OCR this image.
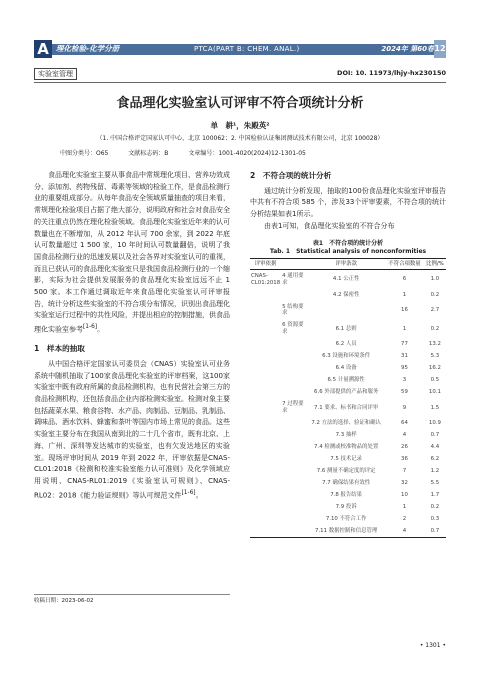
A 理化检验-化学分册	PTCA(PART B: CHEM. ANAL.)	2024年 第60卷 12
实验室管理	DOI: 10. 11973/lhjy-hx230150
食品理化实验室认可评审不符合项统计分析
单　耕¹，朱殿英²
（1. 中国合格评定国家认可中心，北京 100062；2. 中国检验认证集团测试技术有限公司，北京 100028）
中图分类号：O65	文献标志码：B	文章编号：1001-4020(2024)12-1301-05

食品理化实验室主要从事食品中常规理化项目、营养功效成分、添加剂、药物残留、毒素等领域的检验工作，是食品检测行业的重要组成部分。从每年食品安全领域质量抽查的项目来看，常规理化检验项目占据了绝大部分，说明政府和社会对食品安全的关注重点仍然在理化检验领域。食品理化实验室近年来的认可数量也在不断增加，从 2012 年认可 700 余家，到 2022 年底认可数量超过 1 500 家，10 年时间认可数量翻倍，说明了我国食品检测行业的迅速发展以及社会各界对实验室认可的重视，而且已获认可的食品理化实验室只是我国食品检测行业的一个缩影，实际为社会提供发展服务的食品理化实验室远远不止 1 500 家。本工作通过调取近年来食品理化实验室认可评审报告，统计分析这些实验室的不符合项分布情况，识别出食品理化实验室运行过程中的共性风险，并提出相应的控制措施，供食品理化实验室参考[1-6]。

1　样本的抽取

从中国合格评定国家认可委员会（CNAS）实验室认可业务系统中随机抽取了100家食品理化实验室的评审档案，这100家实验室中既有政府所属的食品检测机构，也有民营社会第三方的食品检测机构，还包括食品企业内部检测实验室。检测对象主要包括蔬菜水果、粮食谷物、水产品、肉制品、豆制品、乳制品、调味品、酒水饮料、蜂蜜和茶叶等国内市场上常见的食品。这些实验室主要分布在我国从南到北的二十几个省市，既有北京、上海、广州、深圳等发达城市的实验室，也有欠发达地区的实验室。现场评审时间从 2019 年到 2022 年，评审依据是CNAS-CL01:2018《检测和校准实验室能力认可准则》及化学领域应用说明、CNAS-RL01:2019《实验室认可规则》、CNAS-RL02：2018《能力验证规则》等认可规范文件[1-6]。

收稿日期：2023-06-02
2　不符合项的统计分析

通过统计分析发现，抽取的100份食品理化实验室评审报告中共有不符合项 585 个，涉及33个评审要素，不符合项的统计分析结果如表1所示。

由表1可知，食品理化实验室的不符合分布

表1　不符合项的统计分析
Tab. 1　Statistical analysis of nonconformities
评审依据		评审条款	不符合项数量	比例/%
CNAS-CL01:2018	4 通用要求	4.1 公正性	6	1.0
		4.2 保密性	1	0.2
	5 结构要求		16	2.7
	6 资源要求	6.1 总则	1	0.2
		6.2 人员	77	13.2
		6.3 设施和环境条件	31	5.3
		6.4 设备	95	16.2
		6.5 计量溯源性	3	0.5
		6.6 外部提供的产品和服务	59	10.1
	7 过程要求	7.1 要求、标书和合同评审	9	1.5
		7.2 方法的选择、验证和确认	64	10.9
		7.3 抽样	4	0.7
		7.4 检测或校准物品的处置	26	4.4
		7.5 技术记录	36	6.2
		7.6 测量不确定度的评定	7	1.2
		7.7 确保结果有效性	32	5.5
		7.8 报告结果	10	1.7
		7.9 投诉	1	0.2
		7.10 不符合工作	2	0.3
		7.11 数据控制和信息管理	4	0.7
• 1301 •
